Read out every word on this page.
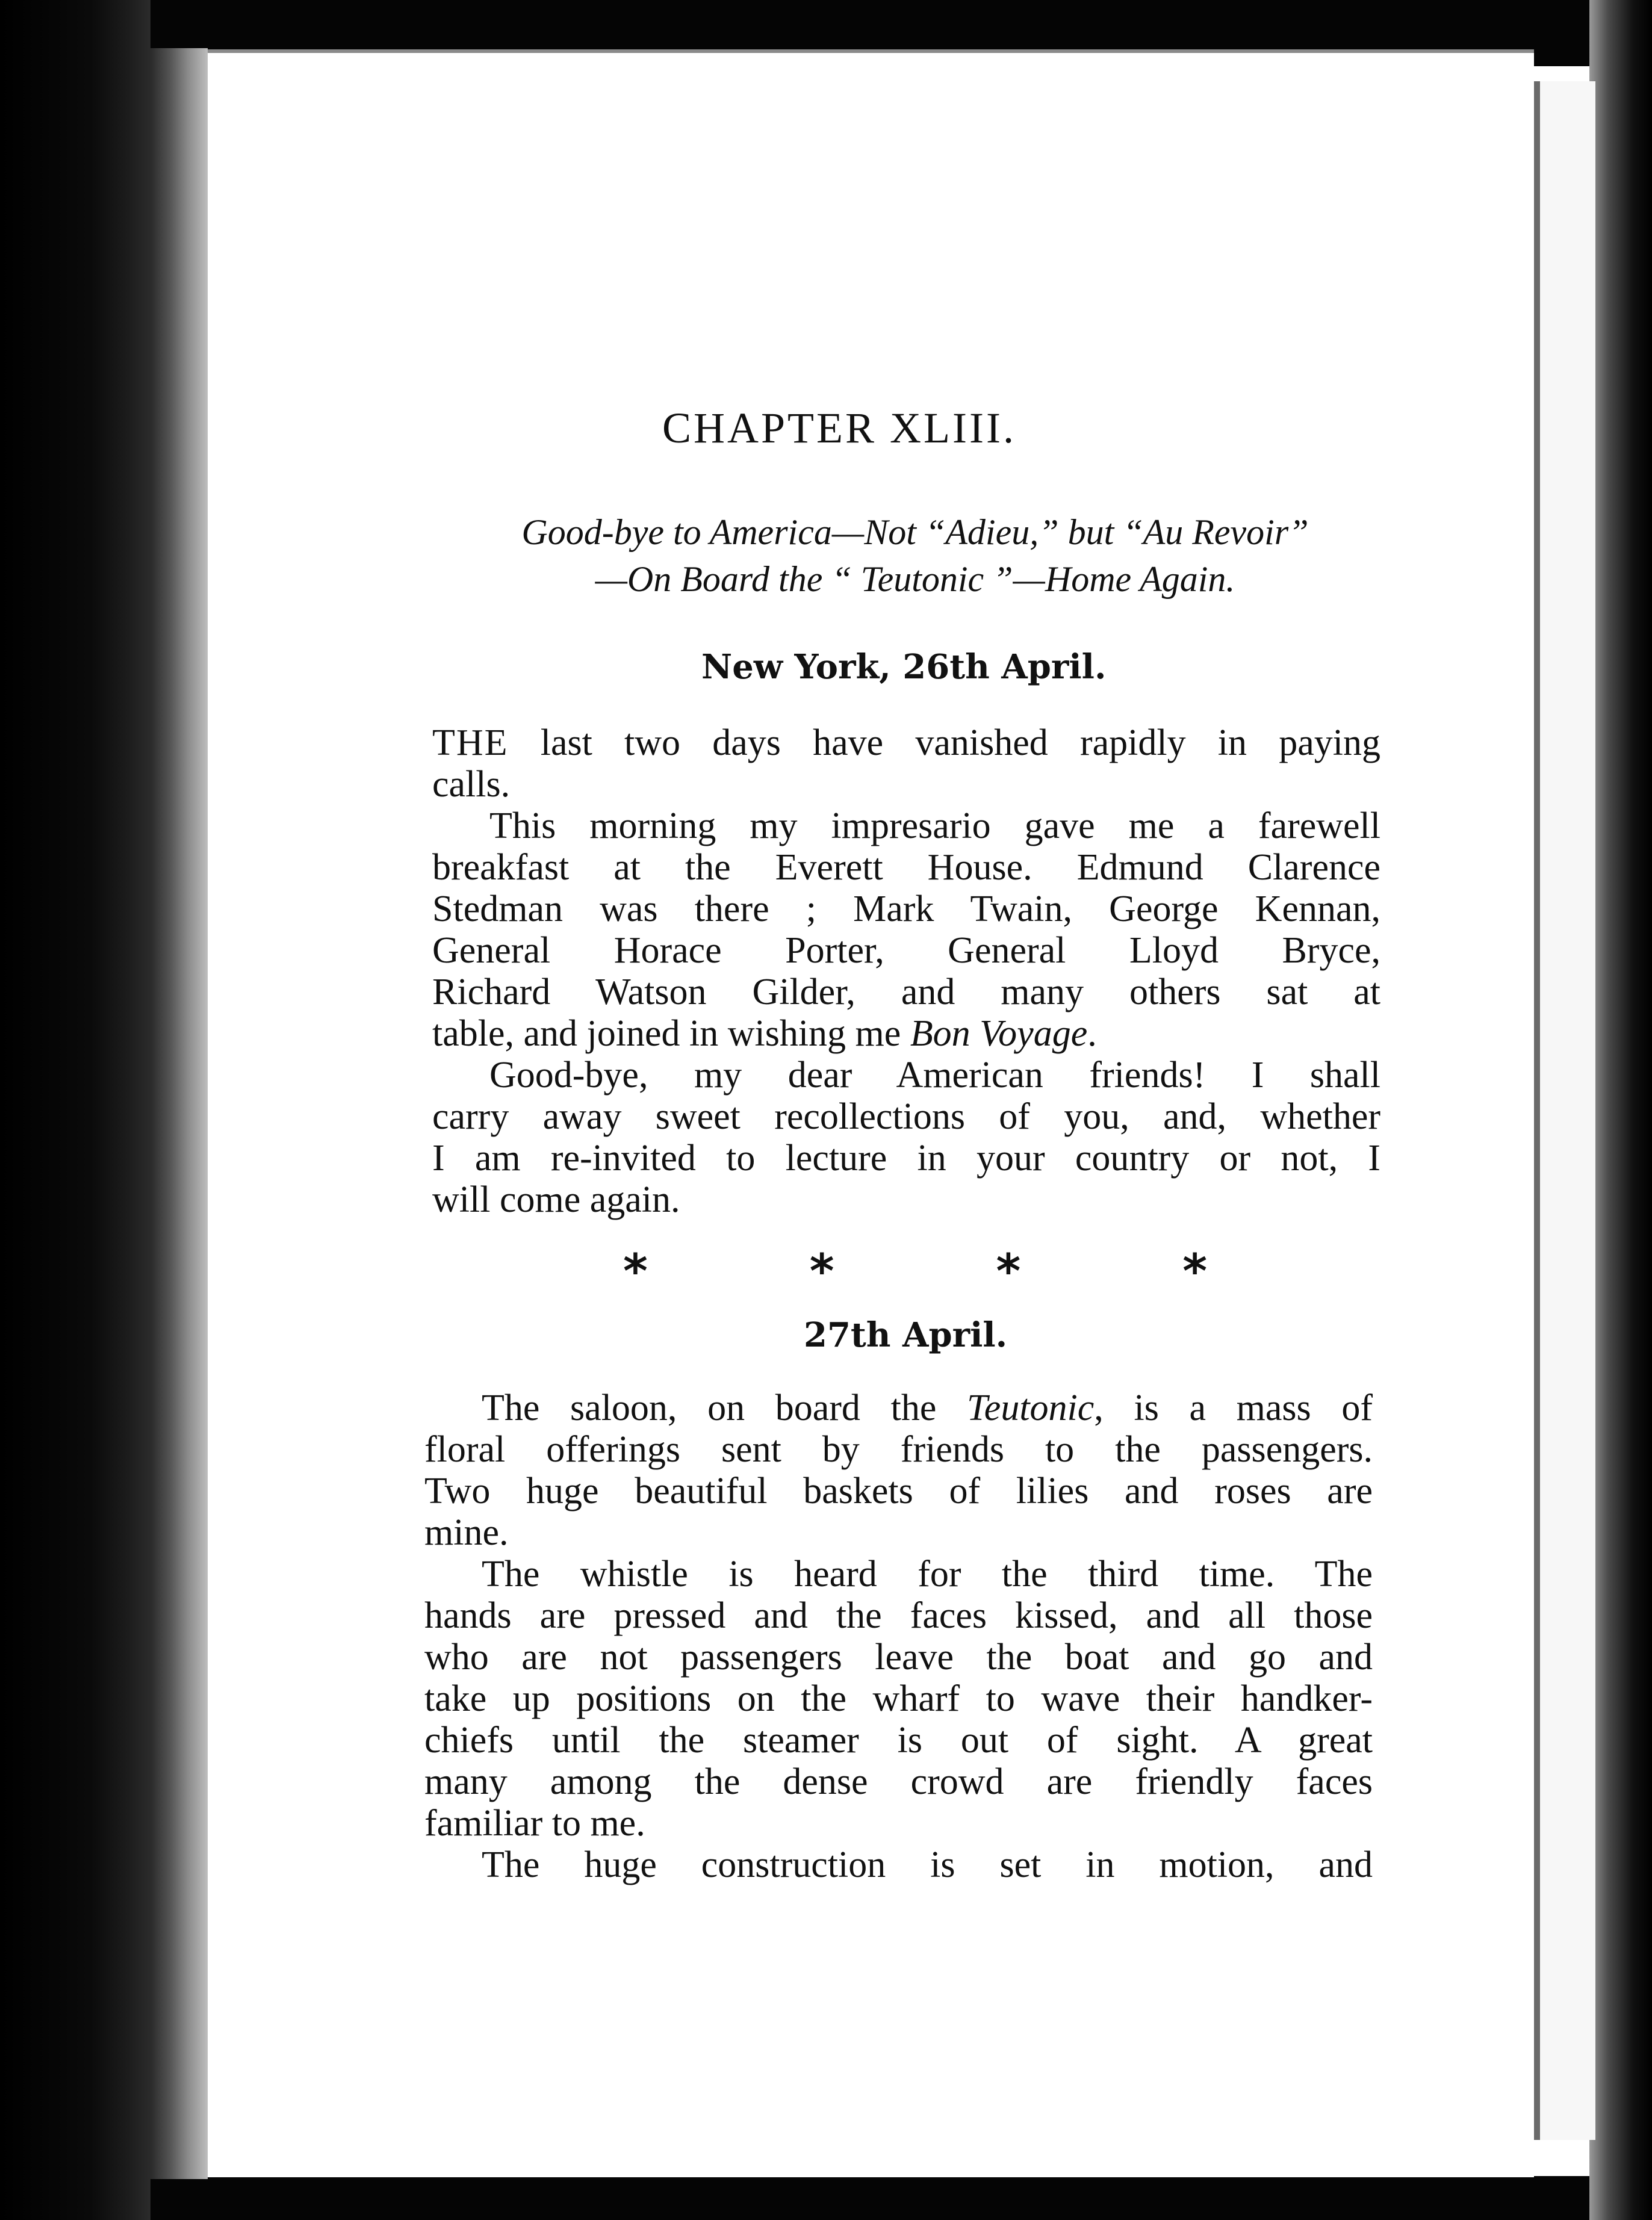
CHAPTER XLIII.
Good-bye to America—Not “Adieu,” but “Au Revoir”
—On Board the “ Teutonic ”—Home Again.
New York, 26th April.
THE last two days have vanished rapidly in paying
calls.
This morning my impresario gave me a farewell
breakfast at the Everett House. Edmund Clarence
Stedman was there ; Mark Twain, George Kennan,
General Horace Porter, General Lloyd Bryce,
Richard Watson Gilder, and many others sat at
table, and joined in wishing me Bon Voyage.
Good-bye, my dear American friends! I shall
carry away sweet recollections of you, and, whether
I am re-invited to lecture in your country or not, I
will come again.
*	*	*	*
27th April.
The saloon, on board the Teutonic, is a mass of
floral offerings sent by friends to the passengers.
Two huge beautiful baskets of lilies and roses are
mine.
The whistle is heard for the third time. The
hands are pressed and the faces kissed, and all those
who are not passengers leave the boat and go and
take up positions on the wharf to wave their handker-
chiefs until the steamer is out of sight. A great
many among the dense crowd are friendly faces
familiar to me.
The huge construction is set in motion, and
